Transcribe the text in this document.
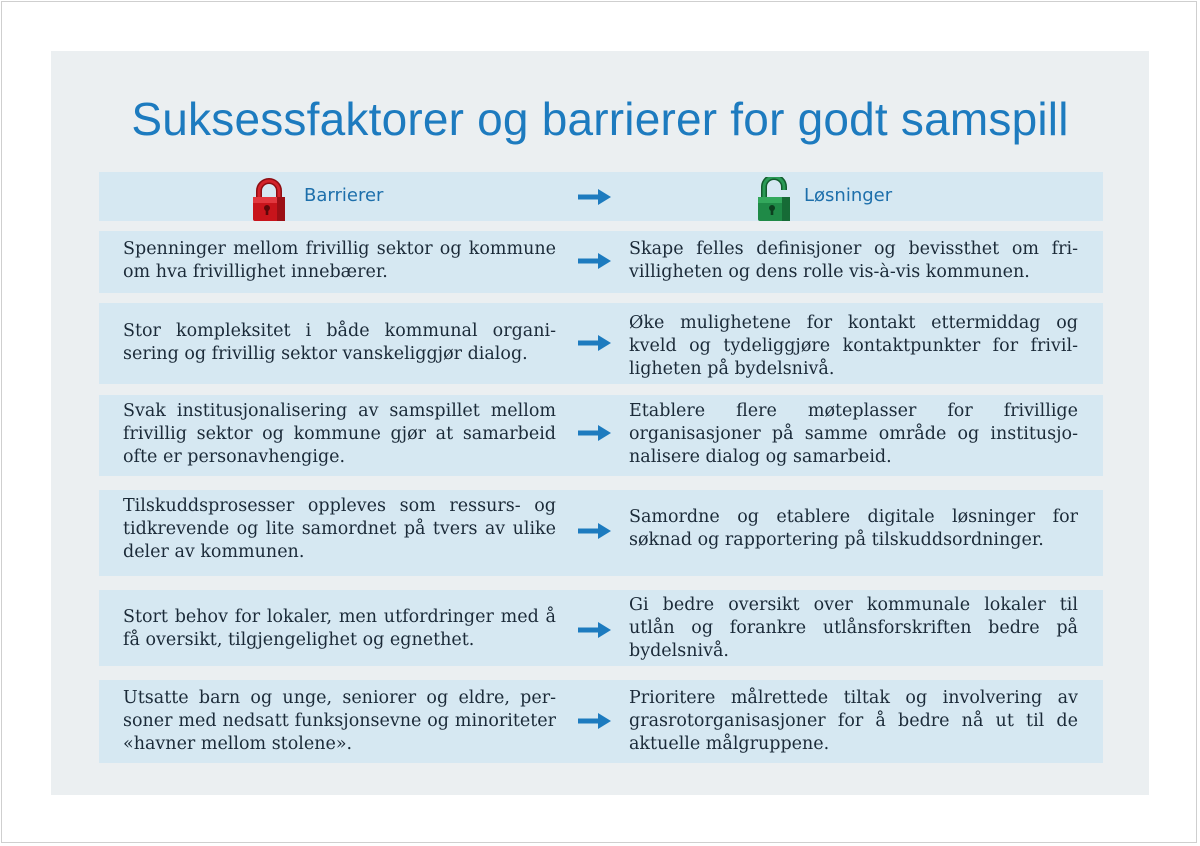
Suksessfaktorer og barrierer for godt samspill
Barrierer	Løsninger
Spenninger mellom frivillig sektor og kommune om hva frivillighet innebærer.
Skape felles definisjoner og bevissthet om frivilligheten og dens rolle vis-à-vis kommunen.
Stor kompleksitet i både kommunal organisering og frivillig sektor vanskeliggjør dialog.
Øke mulighetene for kontakt ettermiddag og kveld og tydeliggjøre kontaktpunkter for frivilligheten på bydelsnivå.
Svak institusjonalisering av samspillet mellom frivillig sektor og kommune gjør at samarbeid ofte er personavhengige.
Etablere flere møteplasser for frivillige organisasjoner på samme område og institusjonalisere dialog og samarbeid.
Tilskuddsprosesser oppleves som ressurs- og tidkrevende og lite samordnet på tvers av ulike deler av kommunen.
Samordne og etablere digitale løsninger for søknad og rapportering på tilskuddsordninger.
Stort behov for lokaler, men utfordringer med å få oversikt, tilgjengelighet og egnethet.
Gi bedre oversikt over kommunale lokaler til utlån og forankre utlånsforskriften bedre på bydelsnivå.
Utsatte barn og unge, seniorer og eldre, personer med nedsatt funksjonsevne og minoriteter «havner mellom stolene».
Prioritere målrettede tiltak og involvering av grasrotorganisasjoner for å bedre nå ut til de aktuelle målgruppene.
